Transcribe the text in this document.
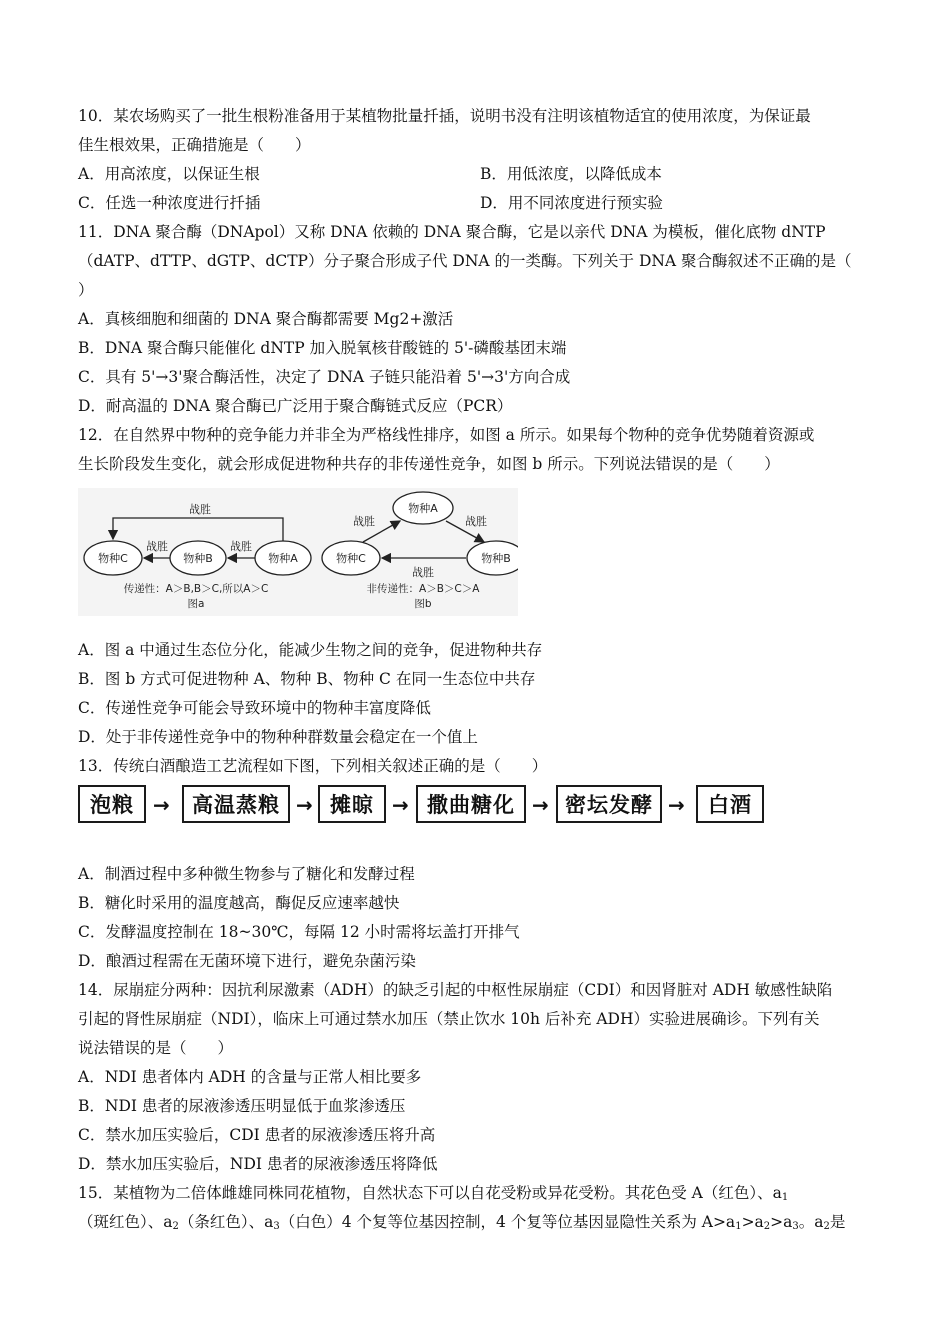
10．某农场购买了一批生根粉准备用于某植物批量扦插，说明书没有注明该植物适宜的使用浓度，为保证最
佳生根效果，正确措施是（　　）
A．用高浓度，以保证生根	B．用低浓度，以降低成本
C．任选一种浓度进行扦插	D．用不同浓度进行预实验
11．DNA 聚合酶（DNApol）又称 DNA 依赖的 DNA 聚合酶，它是以亲代 DNA 为模板，催化底物 dNTP
（dATP、dTTP、dGTP、dCTP）分子聚合形成子代 DNA 的一类酶。下列关于 DNA 聚合酶叙述不正确的是（
）
A．真核细胞和细菌的 DNA 聚合酶都需要 Mg2+激活
B．DNA 聚合酶只能催化 dNTP 加入脱氧核苷酸链的 5'-磷酸基团末端
C．具有 5'→3'聚合酶活性，决定了 DNA 子链只能沿着 5'→3'方向合成
D．耐高温的 DNA 聚合酶已广泛用于聚合酶链式反应（PCR）
12．在自然界中物种的竞争能力并非全为严格线性排序，如图 a 所示。如果每个物种的竞争优势随着资源或
生长阶段发生变化，就会形成促进物种共存的非传递性竞争，如图 b 所示。下列说法错误的是（　　）
战胜
物种C	物种B	物种A
战胜	战胜
传递性：A＞B,B＞C,所以A＞C
图a
物种A
物种C	物种B
战胜
战胜
战胜
非传递性：A＞B＞C＞A
图b
A．图 a 中通过生态位分化，能减少生物之间的竞争，促进物种共存
B．图 b 方式可促进物种 A、物种 B、物种 C 在同一生态位中共存
C．传递性竞争可能会导致环境中的物种丰富度降低
D．处于非传递性竞争中的物种种群数量会稳定在一个值上
13．传统白酒酿造工艺流程如下图，下列相关叙述正确的是（　　）
泡粮 →	高温蒸粮 → 摊晾 → 撒曲糖化 → 密坛发酵 →	白酒
A．制酒过程中多种微生物参与了糖化和发酵过程
B．糖化时采用的温度越高，酶促反应速率越快
C．发酵温度控制在 18~30℃，每隔 12 小时需将坛盖打开排气
D．酿酒过程需在无菌环境下进行，避免杂菌污染
14．尿崩症分两种：因抗利尿激素（ADH）的缺乏引起的中枢性尿崩症（CDI）和因肾脏对 ADH 敏感性缺陷
引起的肾性尿崩症（NDI），临床上可通过禁水加压（禁止饮水 10h 后补充 ADH）实验进展确诊。下列有关
说法错误的是（　　）
A．NDI 患者体内 ADH 的含量与正常人相比要多
B．NDI 患者的尿液渗透压明显低于血浆渗透压
C．禁水加压实验后，CDI 患者的尿液渗透压将升高
D．禁水加压实验后，NDI 患者的尿液渗透压将降低
15．某植物为二倍体雌雄同株同花植物，自然状态下可以自花受粉或异花受粉。其花色受 A（红色）、$a_1$
（斑红色）、$a_2$（条红色）、$a_3$（白色）4 个复等位基因控制，4 个复等位基因显隐性关系为 $A>a_1>a_2>a_3$。$a_2$是
